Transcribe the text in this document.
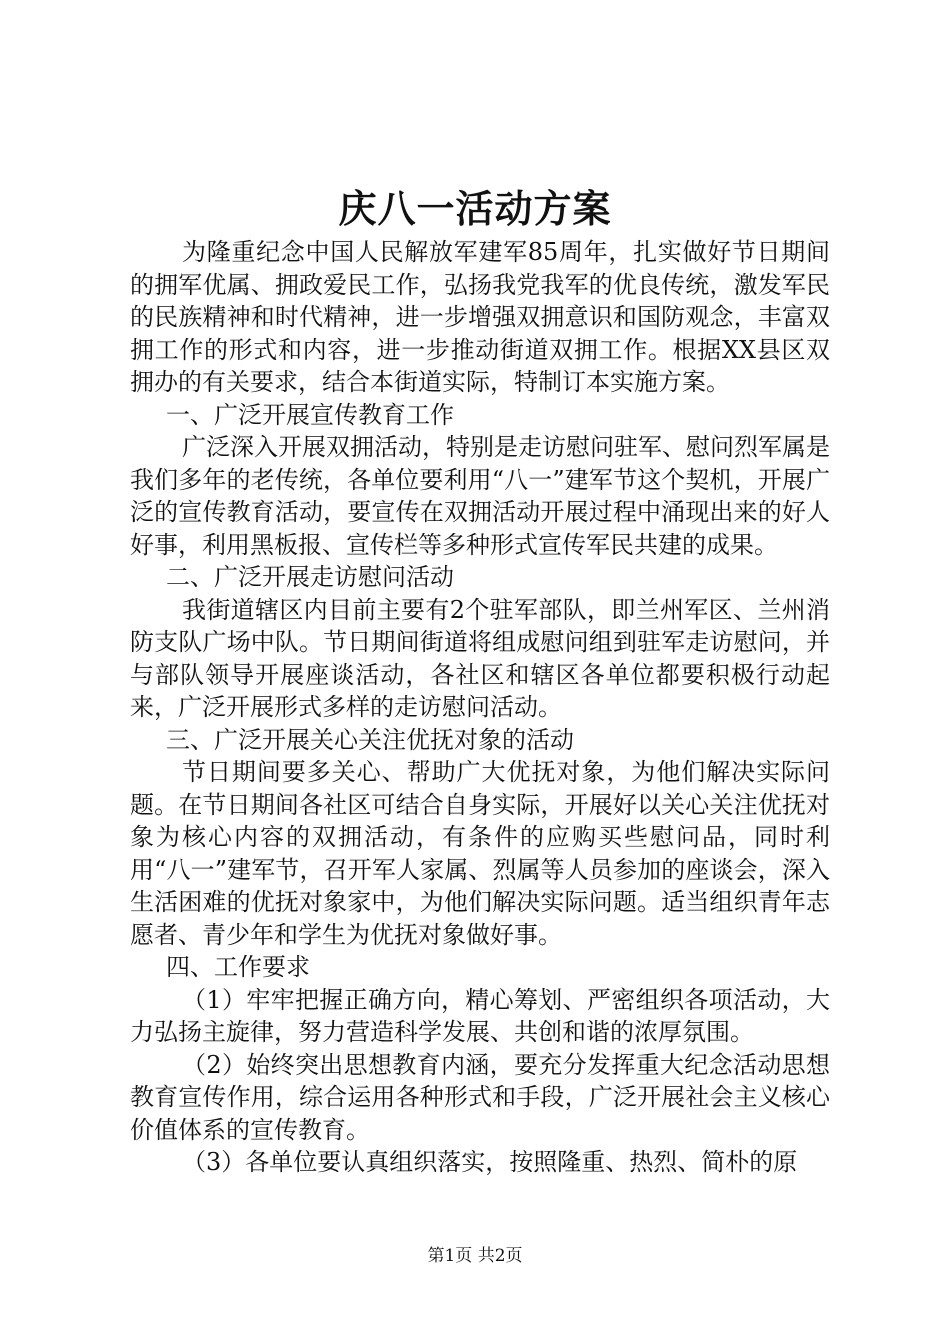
庆八一活动方案

为隆重纪念中国人民解放军建军85周年，扎实做好节日期间的拥军优属、拥政爱民工作，弘扬我党我军的优良传统，激发军民的民族精神和时代精神，进一步增强双拥意识和国防观念，丰富双拥工作的形式和内容，进一步推动街道双拥工作。根据XX县区双拥办的有关要求，结合本街道实际，特制订本实施方案。

一、广泛开展宣传教育工作

广泛深入开展双拥活动，特别是走访慰问驻军、慰问烈军属是我们多年的老传统，各单位要利用“八一”建军节这个契机，开展广泛的宣传教育活动，要宣传在双拥活动开展过程中涌现出来的好人好事，利用黑板报、宣传栏等多种形式宣传军民共建的成果。

二、广泛开展走访慰问活动

我街道辖区内目前主要有2个驻军部队，即兰州军区、兰州消防支队广场中队。节日期间街道将组成慰问组到驻军走访慰问，并与部队领导开展座谈活动，各社区和辖区各单位都要积极行动起来，广泛开展形式多样的走访慰问活动。

三、广泛开展关心关注优抚对象的活动

节日期间要多关心、帮助广大优抚对象，为他们解决实际问题。在节日期间各社区可结合自身实际，开展好以关心关注优抚对象为核心内容的双拥活动，有条件的应购买些慰问品，同时利用“八一”建军节，召开军人家属、烈属等人员参加的座谈会，深入生活困难的优抚对象家中，为他们解决实际问题。适当组织青年志愿者、青少年和学生为优抚对象做好事。

四、工作要求

（1）牢牢把握正确方向，精心筹划、严密组织各项活动，大力弘扬主旋律，努力营造科学发展、共创和谐的浓厚氛围。

（2）始终突出思想教育内涵，要充分发挥重大纪念活动思想教育宣传作用，综合运用各种形式和手段，广泛开展社会主义核心价值体系的宣传教育。

（3）各单位要认真组织落实，按照隆重、热烈、简朴的原

第1页 共2页
